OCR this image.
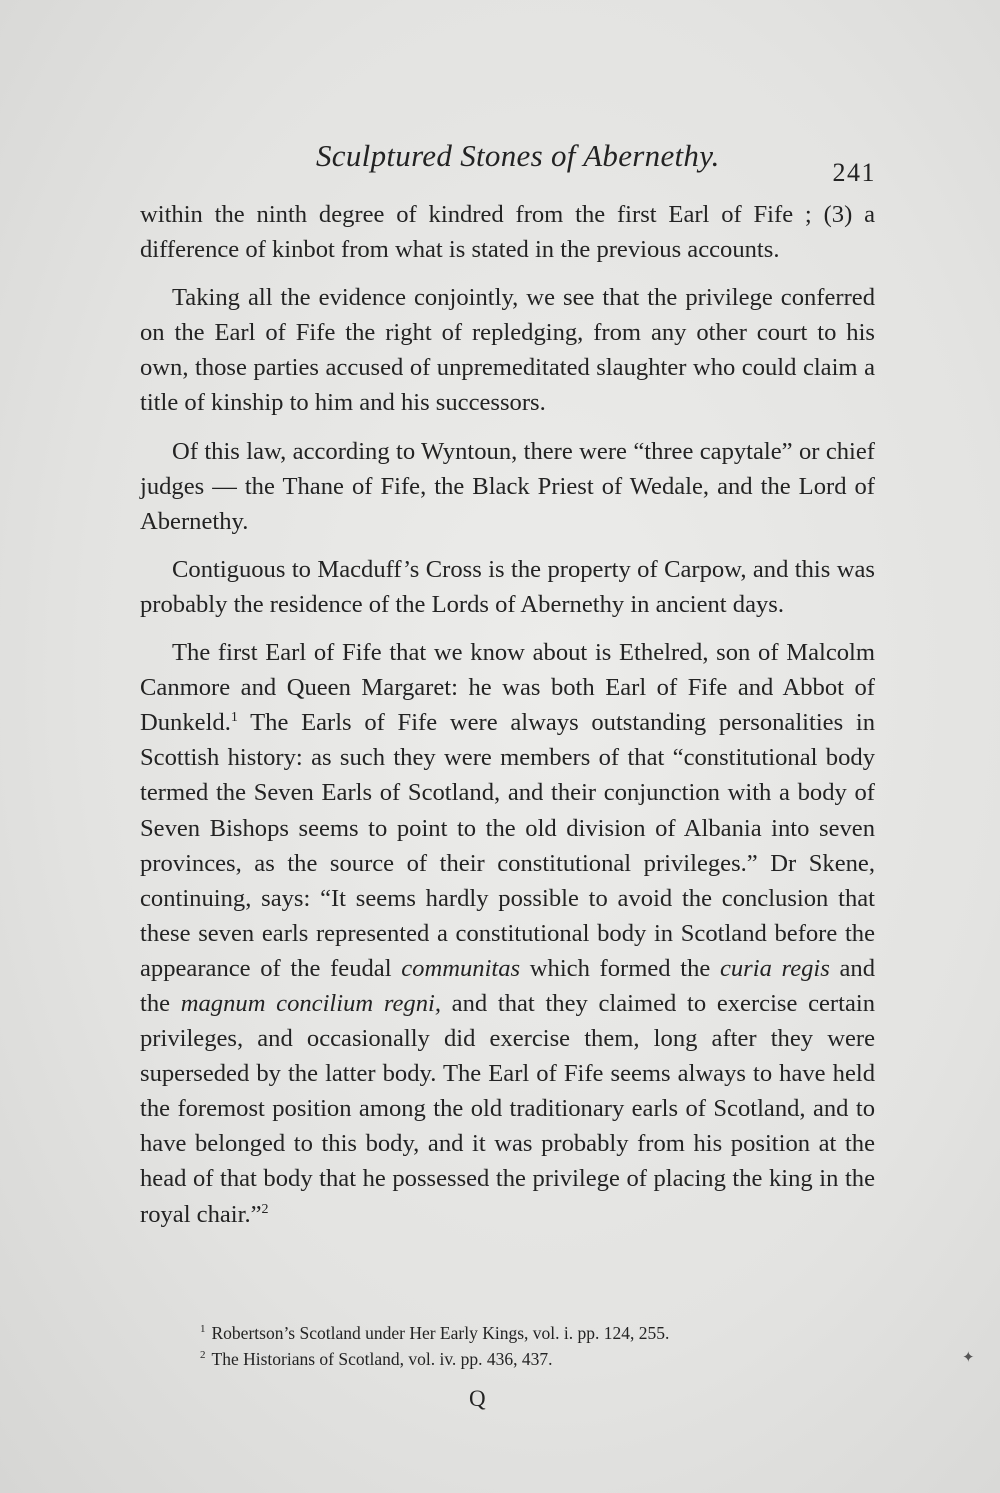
Sculptured Stones of Abernethy.	241

within the ninth degree of kindred from the first Earl of Fife ; (3) a difference of kinbot from what is stated in the previous accounts.

Taking all the evidence conjointly, we see that the privilege conferred on the Earl of Fife the right of repledging, from any other court to his own, those parties accused of unpremeditated slaughter who could claim a title of kinship to him and his successors.

Of this law, according to Wyntoun, there were “three capytale” or chief judges — the Thane of Fife, the Black Priest of Wedale, and the Lord of Abernethy.

Contiguous to Macduff’s Cross is the property of Carpow, and this was probably the residence of the Lords of Abernethy in ancient days.

The first Earl of Fife that we know about is Ethelred, son of Malcolm Canmore and Queen Margaret: he was both Earl of Fife and Abbot of Dunkeld.$^1$ The Earls of Fife were always outstanding personalities in Scottish history: as such they were members of that “constitutional body termed the Seven Earls of Scotland, and their conjunction with a body of Seven Bishops seems to point to the old division of Albania into seven provinces, as the source of their constitutional privileges.” Dr Skene, continuing, says: “It seems hardly possible to avoid the conclusion that these seven earls represented a constitutional body in Scotland before the appearance of the feudal communitas which formed the curia regis and the magnum concilium regni, and that they claimed to exercise certain privileges, and occasionally did exercise them, long after they were superseded by the latter body. The Earl of Fife seems always to have held the foremost position among the old traditionary earls of Scotland, and to have belonged to this body, and it was probably from his position at the head of that body that he possessed the privilege of placing the king in the royal chair.”$^2$

$^1$ Robertson’s Scotland under Her Early Kings, vol. i. pp. 124, 255.
$^2$ The Historians of Scotland, vol. iv. pp. 436, 437.
Q
✦
